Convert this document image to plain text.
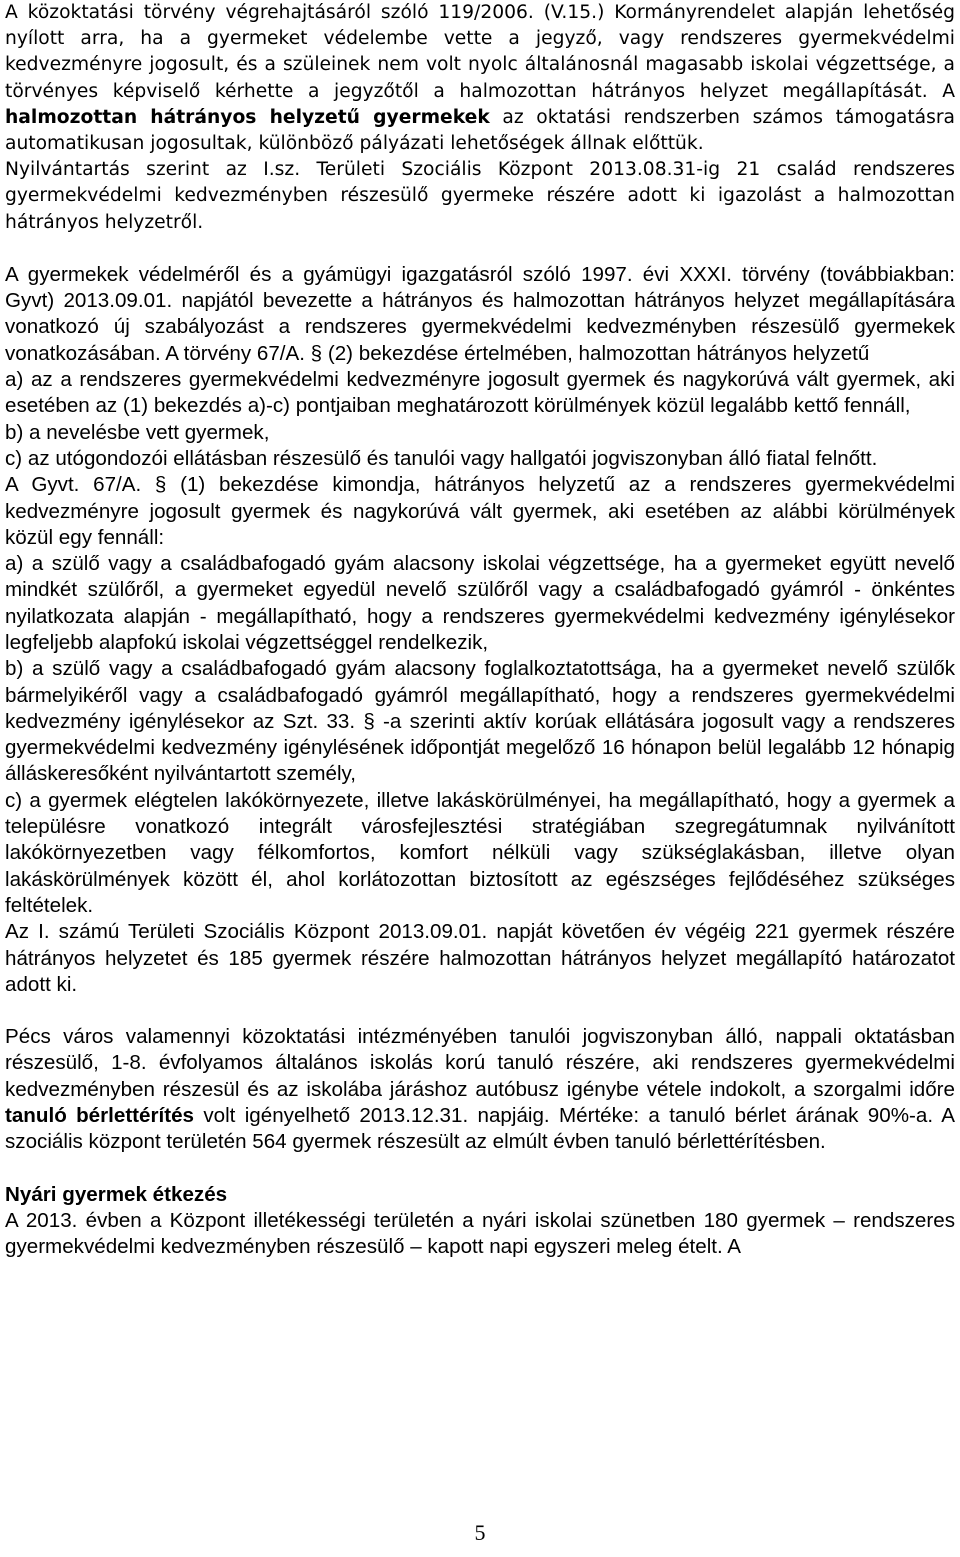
A közoktatási törvény végrehajtásáról szóló 119/2006. (V.15.) Kormányrendelet alapján lehetőség nyílott arra, ha a gyermeket védelembe vette a jegyző, vagy rendszeres gyermekvédelmi kedvezményre jogosult, és a szüleinek nem volt nyolc általánosnál magasabb iskolai végzettsége, a törvényes képviselő kérhette a jegyzőtől a halmozottan hátrányos helyzet megállapítását. A halmozottan hátrányos helyzetű gyermekek az oktatási rendszerben számos támogatásra automatikusan jogosultak, különböző pályázati lehetőségek állnak előttük.

Nyilvántartás szerint az I.sz. Területi Szociális Központ 2013.08.31-ig 21 család rendszeres gyermekvédelmi kedvezményben részesülő gyermeke részére adott ki igazolást a halmozottan hátrányos helyzetről.

A gyermekek védelméről és a gyámügyi igazgatásról szóló 1997. évi XXXI. törvény (továbbiakban: Gyvt) 2013.09.01. napjától bevezette a hátrányos és halmozottan hátrányos helyzet megállapítására vonatkozó új szabályozást a rendszeres gyermekvédelmi kedvezményben részesülő gyermekek vonatkozásában. A törvény 67/A. § (2) bekezdése értelmében, halmozottan hátrányos helyzetű

a) az a rendszeres gyermekvédelmi kedvezményre jogosult gyermek és nagykorúvá vált gyermek, aki esetében az (1) bekezdés a)-c) pontjaiban meghatározott körülmények közül legalább kettő fennáll,

b) a nevelésbe vett gyermek,

c) az utógondozói ellátásban részesülő és tanulói vagy hallgatói jogviszonyban álló fiatal felnőtt.

A Gyvt. 67/A. § (1) bekezdése kimondja, hátrányos helyzetű az a rendszeres gyermekvédelmi kedvezményre jogosult gyermek és nagykorúvá vált gyermek, aki esetében az alábbi körülmények közül egy fennáll:

a) a szülő vagy a családbafogadó gyám alacsony iskolai végzettsége, ha a gyermeket együtt nevelő mindkét szülőről, a gyermeket egyedül nevelő szülőről vagy a családbafogadó gyámról - önkéntes nyilatkozata alapján - megállapítható, hogy a rendszeres gyermekvédelmi kedvezmény igénylésekor legfeljebb alapfokú iskolai végzettséggel rendelkezik,

b) a szülő vagy a családbafogadó gyám alacsony foglalkoztatottsága, ha a gyermeket nevelő szülők bármelyikéről vagy a családbafogadó gyámról megállapítható, hogy a rendszeres gyermekvédelmi kedvezmény igénylésekor az Szt. 33. § -a szerinti aktív korúak ellátására jogosult vagy a rendszeres gyermekvédelmi kedvezmény igénylésének időpontját megelőző 16 hónapon belül legalább 12 hónapig álláskeresőként nyilvántartott személy,

c) a gyermek elégtelen lakókörnyezete, illetve lakáskörülményei, ha megállapítható, hogy a gyermek a településre vonatkozó integrált városfejlesztési stratégiában szegregátumnak nyilvánított lakókörnyezetben vagy félkomfortos, komfort nélküli vagy szükséglakásban, illetve olyan lakáskörülmények között él, ahol korlátozottan biztosított az egészséges fejlődéséhez szükséges feltételek.

Az I. számú Területi Szociális Központ 2013.09.01. napját követően év végéig 221 gyermek részére hátrányos helyzetet és 185 gyermek részére halmozottan hátrányos helyzet megállapító határozatot adott ki.

Pécs város valamennyi közoktatási intézményében tanulói jogviszonyban álló, nappali oktatásban részesülő, 1-8. évfolyamos általános iskolás korú tanuló részére, aki rendszeres gyermekvédelmi kedvezményben részesül és az iskolába járáshoz autóbusz igénybe vétele indokolt, a szorgalmi időre tanuló bérlettérítés volt igényelhető 2013.12.31. napjáig. Mértéke: a tanuló bérlet árának 90%-a. A szociális központ területén 564 gyermek részesült az elmúlt évben tanuló bérlettérítésben.

Nyári gyermek étkezés

A 2013. évben a Központ illetékességi területén a nyári iskolai szünetben 180 gyermek – rendszeres gyermekvédelmi kedvezményben részesülő – kapott napi egyszeri meleg ételt. A

5
